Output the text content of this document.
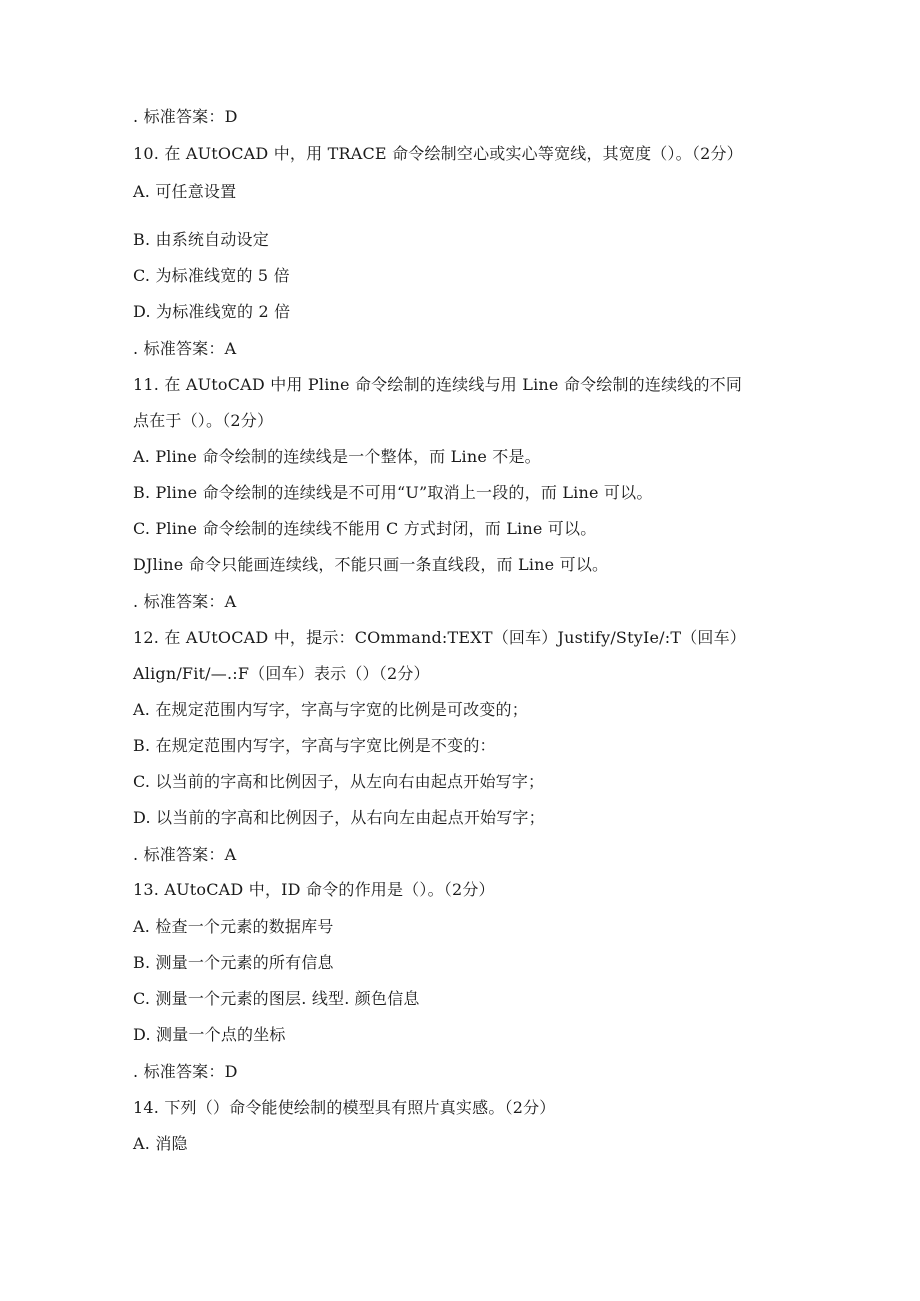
. 标准答案：D
10. 在 AUtOCAD 中，用 TRACE 命令绘制空心或实心等宽线，其宽度（）。（2分）
A. 可任意设置
B. 由系统自动设定
C. 为标准线宽的 5 倍
D. 为标准线宽的 2 倍
. 标准答案：A
11. 在 AUtoCAD 中用 Pline 命令绘制的连续线与用 Line 命令绘制的连续线的不同
点在于（）。（2分）
A. Pline 命令绘制的连续线是一个整体，而 Line 不是。
B. Pline 命令绘制的连续线是不可用“U”取消上一段的，而 Line 可以。
C. Pline 命令绘制的连续线不能用 C 方式封闭，而 Line 可以。
DJline 命令只能画连续线，不能只画一条直线段，而 Line 可以。
. 标准答案：A
12. 在 AUtOCAD 中，提示：COmmand:TEXT（回车）Justify/StyIe/:T（回车）
Align/Fit/—.:F（回车）表示（）（2分）
A. 在规定范围内写字，字高与字宽的比例是可改变的；
B. 在规定范围内写字，字高与字宽比例是不变的：
C. 以当前的字高和比例因子，从左向右由起点开始写字；
D. 以当前的字高和比例因子，从右向左由起点开始写字；
. 标准答案：A
13. AUtoCAD 中，ID 命令的作用是（）。（2分）
A. 检查一个元素的数据库号
B. 测量一个元素的所有信息
C. 测量一个元素的图层. 线型. 颜色信息
D. 测量一个点的坐标
. 标准答案：D
14. 下列（）命令能使绘制的模型具有照片真实感。（2分）
A. 消隐
